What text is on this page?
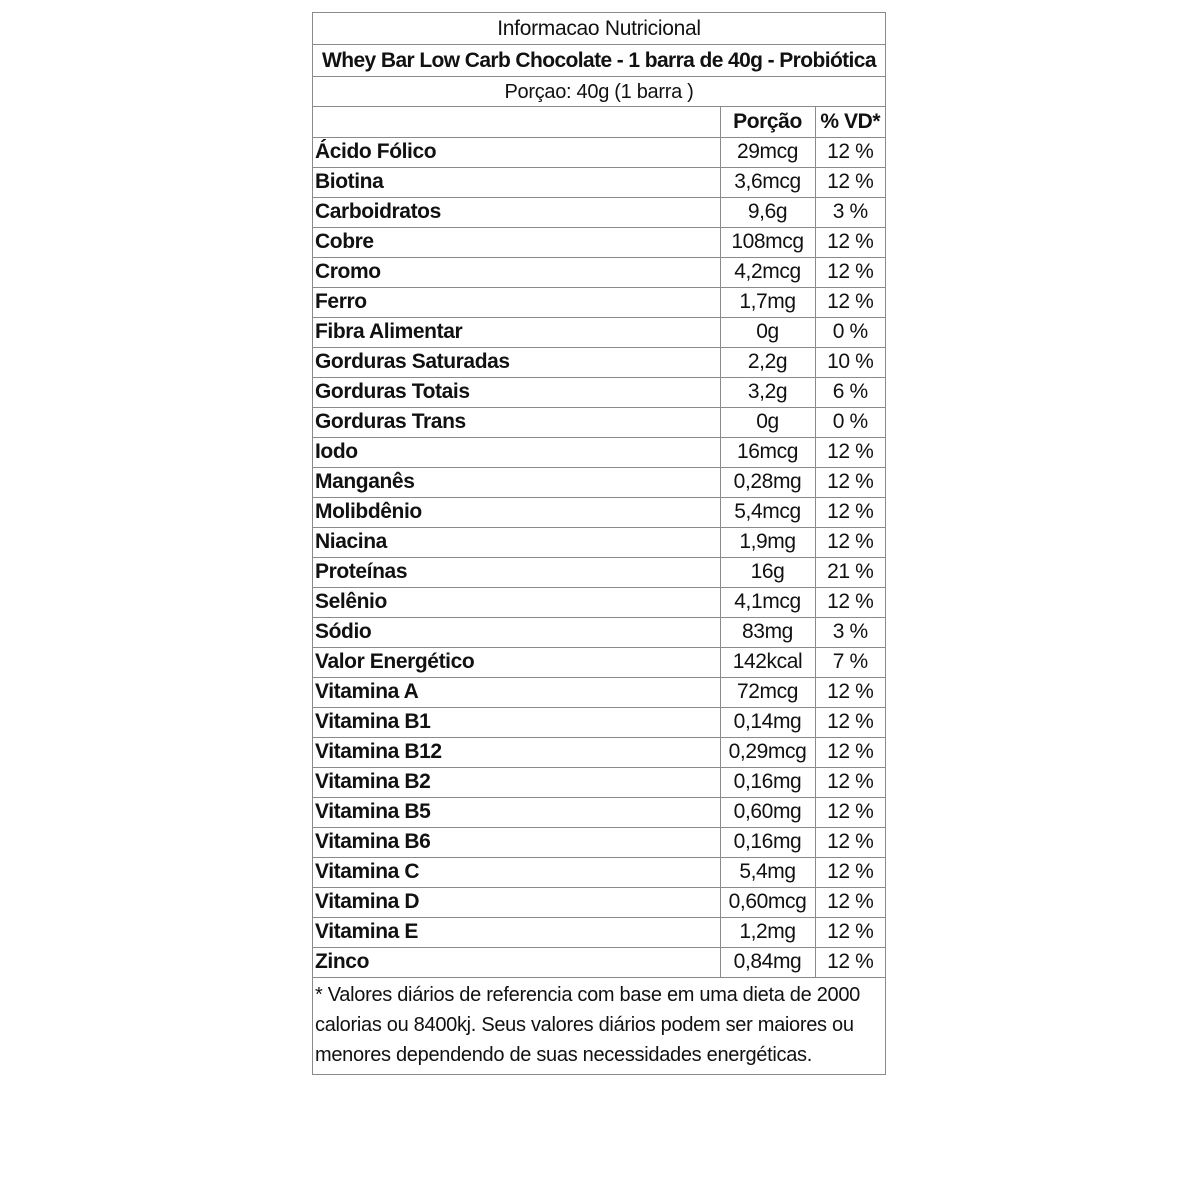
Informacao Nutricional
Whey Bar Low Carb Chocolate - 1 barra de 40g - Probiótica
Porçao: 40g (1 barra )
	Porção	% VD*
Ácido Fólico	29mcg	12 %
Biotina	3,6mcg	12 %
Carboidratos	9,6g	3 %
Cobre	108mcg	12 %
Cromo	4,2mcg	12 %
Ferro	1,7mg	12 %
Fibra Alimentar	0g	0 %
Gorduras Saturadas	2,2g	10 %
Gorduras Totais	3,2g	6 %
Gorduras Trans	0g	0 %
Iodo	16mcg	12 %
Manganês	0,28mg	12 %
Molibdênio	5,4mcg	12 %
Niacina	1,9mg	12 %
Proteínas	16g	21 %
Selênio	4,1mcg	12 %
Sódio	83mg	3 %
Valor Energético	142kcal	7 %
Vitamina A	72mcg	12 %
Vitamina B1	0,14mg	12 %
Vitamina B12	0,29mcg	12 %
Vitamina B2	0,16mg	12 %
Vitamina B5	0,60mg	12 %
Vitamina B6	0,16mg	12 %
Vitamina C	5,4mg	12 %
Vitamina D	0,60mcg	12 %
Vitamina E	1,2mg	12 %
Zinco	0,84mg	12 %
* Valores diários de referencia com base em uma dieta de 2000
calorias ou 8400kj. Seus valores diários podem ser maiores ou
menores dependendo de suas necessidades energéticas.
